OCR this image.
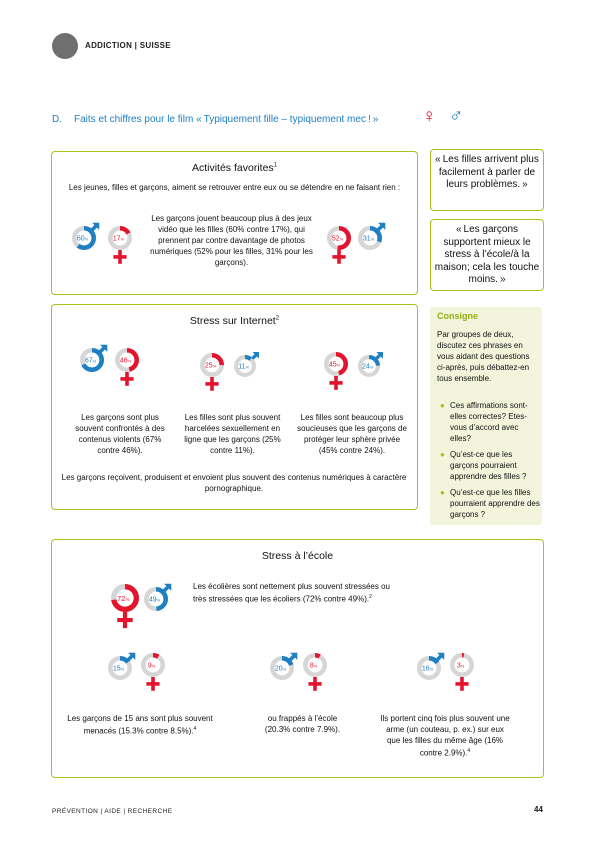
ADDICTION | SUISSE
D. Faits et chiffres pour le film « Typiquement fille – typiquement mec ! » ♀ ♂
Activités favorites$^1$
Les jeunes, filles et garçons, aiment se retrouver entre eux ou se détendre en ne faisant rien :
Les garçons jouent beaucoup plus à des jeux vidéo que les filles (60% contre 17%), qui prennent par contre davantage de photos numériques (52% pour les filles, 31% pour les garçons).
« Les filles arrivent plus facilement à parler de leurs problèmes. »
« Les garçons supportent mieux le stress à l’école/à la maison; cela les touche moins. »
Consigne
Par groupes de deux, discutez ces phrases en vous aidant des questions ci-après, puis débattez-en tous ensemble.
● Ces affirmations sont-elles correctes? Etes-vous d’accord avec elles?
● Qu’est-ce que les garçons pourraient apprendre des filles ?
● Qu’est-ce que les filles pourraient apprendre des garçons ?
Stress sur Internet$^2$
Les garçons sont plus souvent confrontés à des contenus violents (67% contre 46%).
Les filles sont plus souvent harcelées sexuellement en ligne que les garçons (25% contre 11%).
Les filles sont beaucoup plus soucieuses que les garçons de protéger leur sphère privée (45% contre 24%).
Les garçons reçoivent, produisent et envoient plus souvent des contenus numériques à caractère pornographique.
Stress à l’école
Les écolières sont nettement plus souvent stressées ou très stressées que les écoliers (72% contre 49%).$^2$
Les garçons de 15 ans sont plus souvent menacés (15.3% contre 8.5%).$^4$
ou frappés à l’école (20.3% contre 7.9%).
Ils portent cinq fois plus souvent une arme (un couteau, p. ex.) sur eux que les filles du même âge (16% contre 2.9%).$^4$
60%	17%	52%	31%
67%	46%
25%	11%	45%	24%
72%	49%
15%	9%	20%	8%	16%	3%
PRÉVENTION | AIDE | RECHERCHE	44
